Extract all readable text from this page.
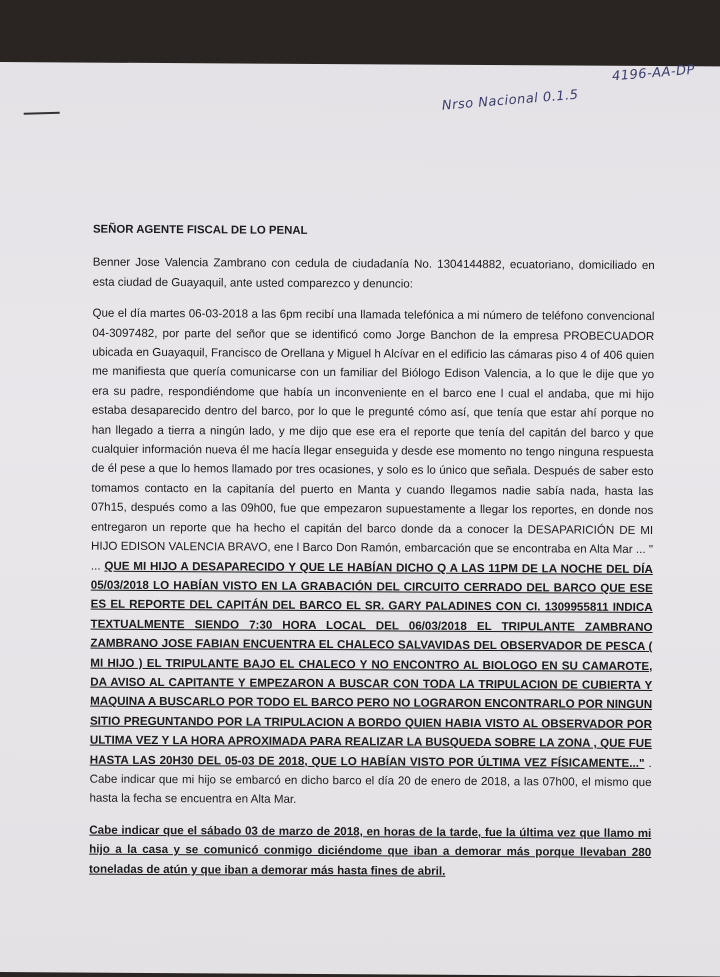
Nrso Nacional 0.1.5
4196-AA-DP
SEÑOR AGENTE FISCAL DE LO PENAL
Benner Jose Valencia Zambrano con cedula de ciudadanía No. 1304144882, ecuatoriano, domiciliado en esta ciudad de Guayaquil, ante usted comparezco y denuncio:
Que el día martes 06-03-2018 a las 6pm recibí una llamada telefónica a mi número de teléfono convencional 04-3097482, por parte del señor que se identificó como Jorge Banchon de la empresa PROBECUADOR ubicada en Guayaquil, Francisco de Orellana y Miguel h Alcívar en el edificio las cámaras piso 4 of 406 quien me manifiesta que quería comunicarse con un familiar del Biólogo Edison Valencia, a lo que le dije que yo era su padre, respondiéndome que había un inconveniente en el barco ene l cual el andaba, que mi hijo estaba desaparecido dentro del barco, por lo que le pregunté cómo así, que tenía que estar ahí porque no han llegado a tierra a ningún lado, y me dijo que ese era el reporte que tenía del capitán del barco y que cualquier información nueva él me hacía llegar enseguida y desde ese momento no tengo ninguna respuesta de él pese a que lo hemos llamado por tres ocasiones, y solo es lo único que señala. Después de saber esto tomamos contacto en la capitanía del puerto en Manta y cuando llegamos nadie sabía nada, hasta las 07h15, después como a las 09h00, fue que empezaron supuestamente a llegar los reportes, en donde nos entregaron un reporte que ha hecho el capitán del barco donde da a conocer la DESAPARICIÓN DE MI HIJO EDISON VALENCIA BRAVO, ene l Barco Don Ramón, embarcación que se encontraba en Alta Mar ... " ... QUE MI HIJO A DESAPARECIDO Y QUE LE HABÍAN DICHO Q A LAS 11PM DE LA NOCHE DEL DÍA 05/03/2018 LO HABÍAN VISTO EN LA GRABACIÓN DEL CIRCUITO CERRADO DEL BARCO QUE ESE ES EL REPORTE DEL CAPITÁN DEL BARCO EL SR. GARY PALADINES CON CI. 1309955811 INDICA TEXTUALMENTE SIENDO 7:30 HORA LOCAL DEL 06/03/2018 EL TRIPULANTE ZAMBRANO ZAMBRANO JOSE FABIAN ENCUENTRA EL CHALECO SALVAVIDAS DEL OBSERVADOR DE PESCA ( MI HIJO ) EL TRIPULANTE BAJO EL CHALECO Y NO ENCONTRO AL BIOLOGO EN SU CAMAROTE, DA AVISO AL CAPITANTE Y EMPEZARON A BUSCAR CON TODA LA TRIPULACION DE CUBIERTA Y MAQUINA A BUSCARLO POR TODO EL BARCO PERO NO LOGRARON ENCONTRARLO POR NINGUN SITIO PREGUNTANDO POR LA TRIPULACION A BORDO QUIEN HABIA VISTO AL OBSERVADOR POR ULTIMA VEZ Y LA HORA APROXIMADA PARA REALIZAR LA BUSQUEDA SOBRE LA ZONA , QUE FUE HASTA LAS 20H30 DEL 05-03 DE 2018, QUE LO HABÍAN VISTO POR ÚLTIMA VEZ FÍSICAMENTE..." . Cabe indicar que mi hijo se embarcó en dicho barco el día 20 de enero de 2018, a las 07h00, el mismo que hasta la fecha se encuentra en Alta Mar.
Cabe indicar que el sábado 03 de marzo de 2018, en horas de la tarde, fue la última vez que llamo mi hijo a la casa y se comunicó conmigo diciéndome que iban a demorar más porque llevaban 280 toneladas de atún y que iban a demorar más hasta fines de abril.
